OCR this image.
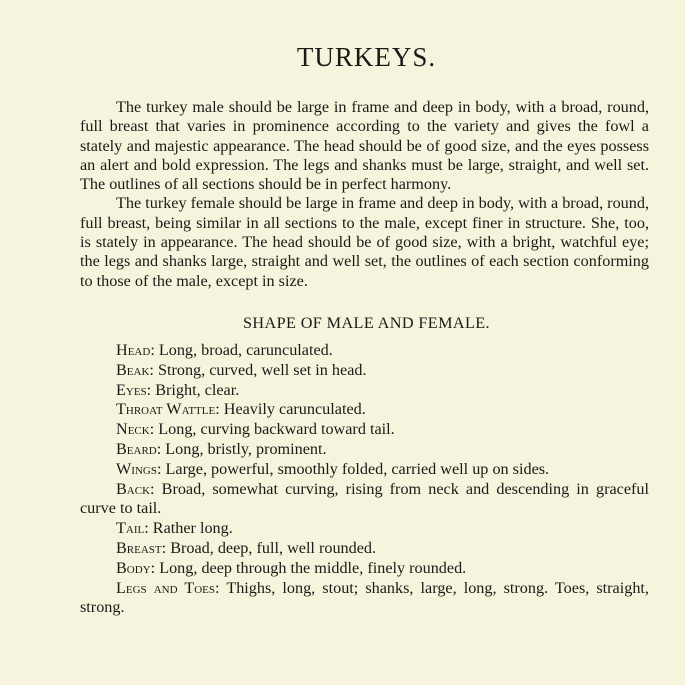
TURKEYS.

The turkey male should be large in frame and deep in body, with a broad, round, full breast that varies in prominence according to the variety and gives the fowl a stately and majestic appearance. The head should be of good size, and the eyes possess an alert and bold expression. The legs and shanks must be large, straight, and well set. The outlines of all sections should be in perfect harmony.

The turkey female should be large in frame and deep in body, with a broad, round, full breast, being similar in all sections to the male, except finer in structure. She, too, is stately in appearance. The head should be of good size, with a bright, watchful eye; the legs and shanks large, straight and well set, the outlines of each section conforming to those of the male, except in size.

SHAPE OF MALE AND FEMALE.

Head: Long, broad, carunculated.

Beak: Strong, curved, well set in head.

Eyes: Bright, clear.

Throat Wattle: Heavily carunculated.

Neck: Long, curving backward toward tail.

Beard: Long, bristly, prominent.

Wings: Large, powerful, smoothly folded, carried well up on sides.

Back: Broad, somewhat curving, rising from neck and descending in graceful curve to tail.

Tail: Rather long.

Breast: Broad, deep, full, well rounded.

Body: Long, deep through the middle, finely rounded.

Legs and Toes: Thighs, long, stout; shanks, large, long, strong. Toes, straight, strong.
